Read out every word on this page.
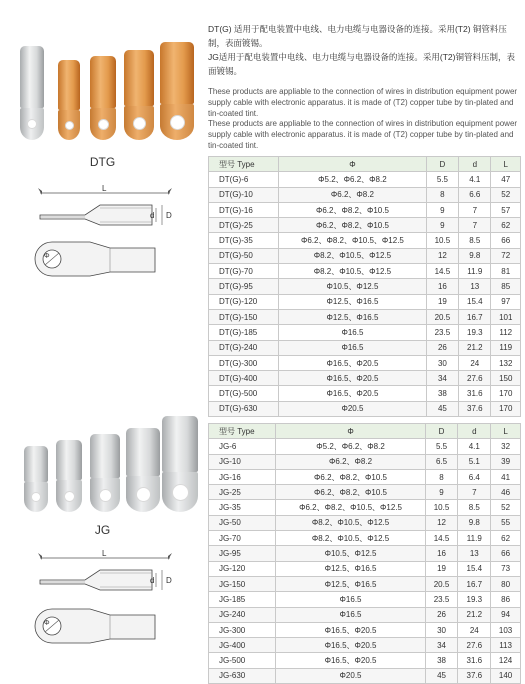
DTG
L
d D
Φ
JG
L
d D
Φ
DT(G) 适用于配电装置中电线、电力电缆与电器设备的连接。采用(T2) 铜管料压制，表面镀锡。
JG适用于配电装置中电线、电力电缆与电器设备的连接。采用(T2)铜管料压制，表面镀锡。
These products are appliable to the connection of wires in distribution equipment power supply cable with electronic apparatus. it is made of (T2) copper tube by tin-plated and tin-coated tint.
These products are appliable to the connection of wires in distribution equipment power supply cable with electronic apparatus. it is made of (T2) copper tube by tin-plated and tin-coated tint.
型号 Type	Φ	D	d	L
DT(G)-6	Φ5.2、Φ6.2、Φ8.2	5.5	4.1	47
DT(G)-10	Φ6.2、Φ8.2	8	6.6	52
DT(G)-16	Φ6.2、Φ8.2、Φ10.5	9	7	57
DT(G)-25	Φ6.2、Φ8.2、Φ10.5	9	7	62
DT(G)-35	Φ6.2、Φ8.2、Φ10.5、Φ12.5	10.5	8.5	66
DT(G)-50	Φ8.2、Φ10.5、Φ12.5	12	9.8	72
DT(G)-70	Φ8.2、Φ10.5、Φ12.5	14.5	11.9	81
DT(G)-95	Φ10.5、Φ12.5	16	13	85
DT(G)-120	Φ12.5、Φ16.5	19	15.4	97
DT(G)-150	Φ12.5、Φ16.5	20.5	16.7	101
DT(G)-185	Φ16.5	23.5	19.3	112
DT(G)-240	Φ16.5	26	21.2	119
DT(G)-300	Φ16.5、Φ20.5	30	24	132
DT(G)-400	Φ16.5、Φ20.5	34	27.6	150
DT(G)-500	Φ16.5、Φ20.5	38	31.6	170
DT(G)-630	Φ20.5	45	37.6	170
型号 Type	Φ	D	d	L
JG-6	Φ5.2、Φ6.2、Φ8.2	5.5	4.1	32
JG-10	Φ6.2、Φ8.2	6.5	5.1	39
JG-16	Φ6.2、Φ8.2、Φ10.5	8	6.4	41
JG-25	Φ6.2、Φ8.2、Φ10.5	9	7	46
JG-35	Φ6.2、Φ8.2、Φ10.5、Φ12.5	10.5	8.5	52
JG-50	Φ8.2、Φ10.5、Φ12.5	12	9.8	55
JG-70	Φ8.2、Φ10.5、Φ12.5	14.5	11.9	62
JG-95	Φ10.5、Φ12.5	16	13	66
JG-120	Φ12.5、Φ16.5	19	15.4	73
JG-150	Φ12.5、Φ16.5	20.5	16.7	80
JG-185	Φ16.5	23.5	19.3	86
JG-240	Φ16.5	26	21.2	94
JG-300	Φ16.5、Φ20.5	30	24	103
JG-400	Φ16.5、Φ20.5	34	27.6	113
JG-500	Φ16.5、Φ20.5	38	31.6	124
JG-630	Φ20.5	45	37.6	140
